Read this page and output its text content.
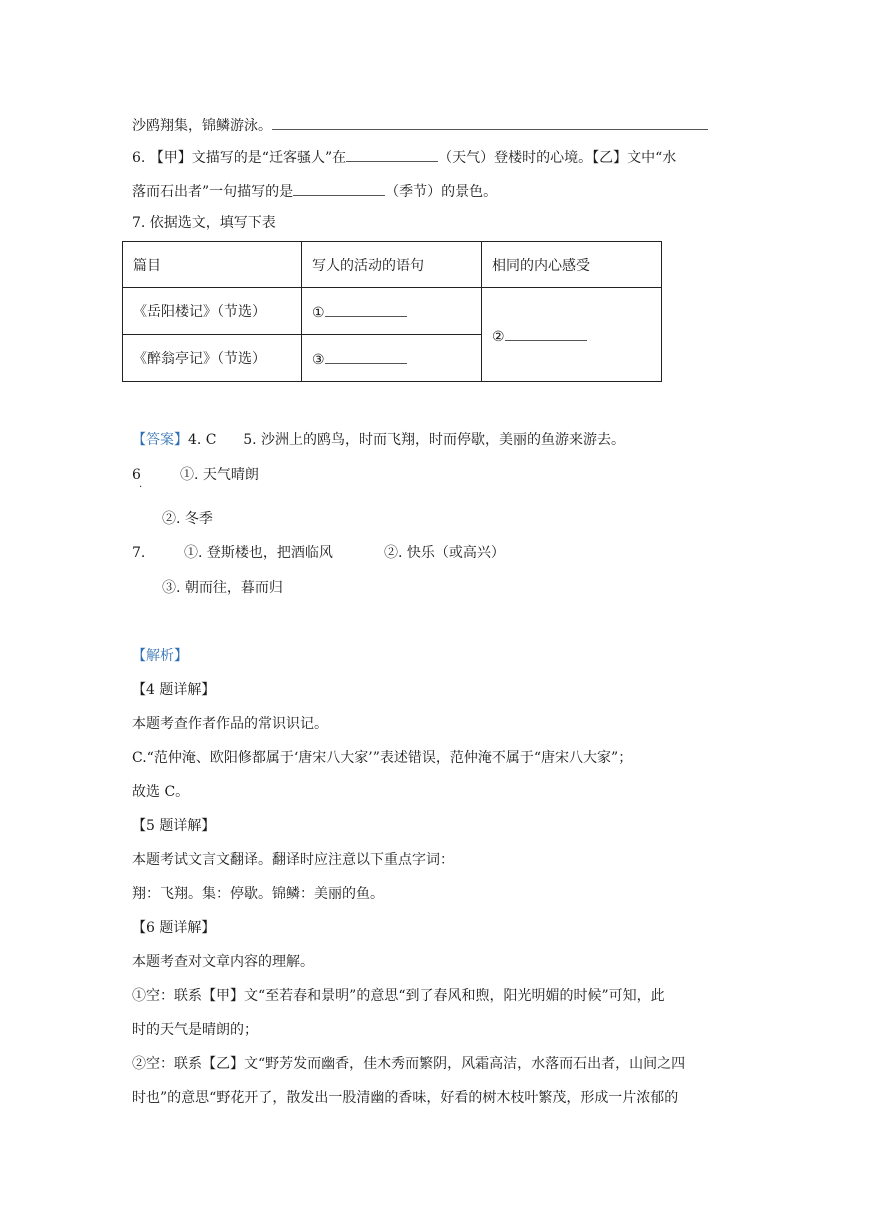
沙鸥翔集，锦鳞游泳。
6. 【甲】文描写的是“迁客骚人”在	（天气）登楼时的心境。【乙】文中“水
落而石出者”一句描写的是	（季节）的景色。
7. 依据选文，填写下表
篇目	写人的活动的语句	相同的内心感受
《岳阳楼记》（节选）	①	②
《醉翁亭记》（节选）	③	
【答案】4. C      5. 沙洲上的鸥鸟，时而飞翔，时而停歇，美丽的鱼游来游去。
6
.
①. 天气晴朗
②. 冬季
7.	①. 登斯楼也，把酒临风	②. 快乐（或高兴）
③. 朝而往，暮而归
【解析】
【4 题详解】
本题考查作者作品的常识识记。
C.“范仲淹、欧阳修都属于‘唐宋八大家’”表述错误，范仲淹不属于“唐宋八大家”；
故选 C。
【5 题详解】
本题考试文言文翻译。翻译时应注意以下重点字词：
翔：飞翔。集：停歇。锦鳞：美丽的鱼。
【6 题详解】
本题考查对文章内容的理解。
①空：联系【甲】文“至若春和景明”的意思“到了春风和煦，阳光明媚的时候”可知，此
时的天气是晴朗的；
②空：联系【乙】文“野芳发而幽香，佳木秀而繁阴，风霜高洁，水落而石出者，山间之四
时也”的意思“野花开了，散发出一股清幽的香味，好看的树木枝叶繁茂，形成一片浓郁的
